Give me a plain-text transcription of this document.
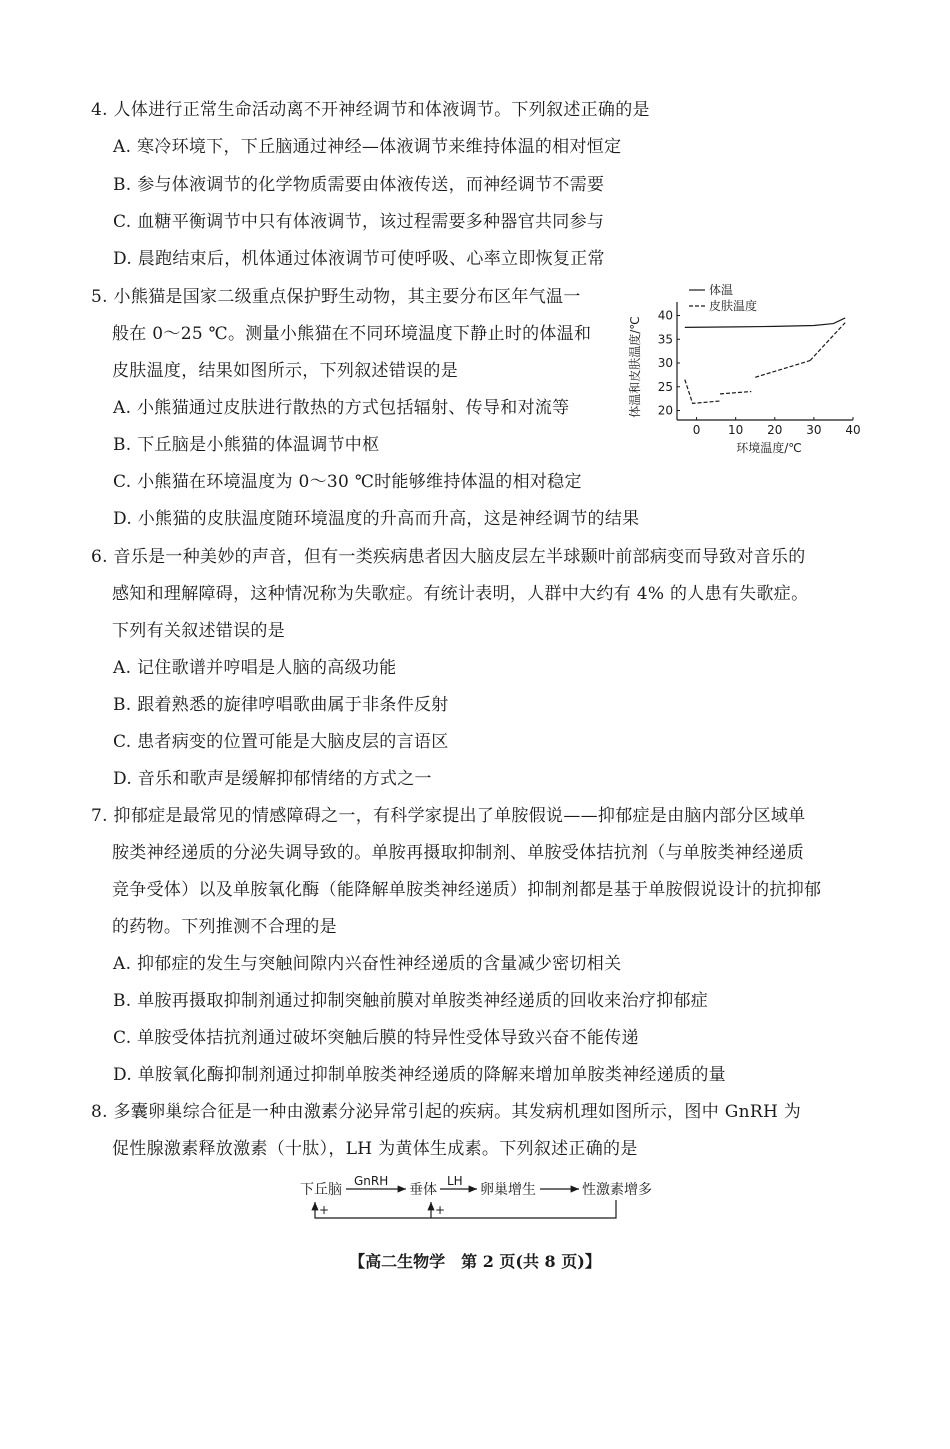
4. 人体进行正常生命活动离不开神经调节和体液调节。下列叙述正确的是
A. 寒冷环境下，下丘脑通过神经—体液调节来维持体温的相对恒定
B. 参与体液调节的化学物质需要由体液传送，而神经调节不需要
C. 血糖平衡调节中只有体液调节，该过程需要多种器官共同参与
D. 晨跑结束后，机体通过体液调节可使呼吸、心率立即恢复正常
5. 小熊猫是国家二级重点保护野生动物，其主要分布区年气温一
般在 0～25 ℃。测量小熊猫在不同环境温度下静止时的体温和
皮肤温度，结果如图所示，下列叙述错误的是
A. 小熊猫通过皮肤进行散热的方式包括辐射、传导和对流等
B. 下丘脑是小熊猫的体温调节中枢
C. 小熊猫在环境温度为 0～30 ℃时能够维持体温的相对稳定
D. 小熊猫的皮肤温度随环境温度的升高而升高，这是神经调节的结果
0 10 20 30 40
20
25
30
35
40
环境温度/℃
体温和皮肤温度/℃
体温
皮肤温度
6. 音乐是一种美妙的声音，但有一类疾病患者因大脑皮层左半球颞叶前部病变而导致对音乐的
感知和理解障碍，这种情况称为失歌症。有统计表明，人群中大约有 4% 的人患有失歌症。
下列有关叙述错误的是
A. 记住歌谱并哼唱是人脑的高级功能
B. 跟着熟悉的旋律哼唱歌曲属于非条件反射
C. 患者病变的位置可能是大脑皮层的言语区
D. 音乐和歌声是缓解抑郁情绪的方式之一
7. 抑郁症是最常见的情感障碍之一，有科学家提出了单胺假说——抑郁症是由脑内部分区域单
胺类神经递质的分泌失调导致的。单胺再摄取抑制剂、单胺受体拮抗剂（与单胺类神经递质
竞争受体）以及单胺氧化酶（能降解单胺类神经递质）抑制剂都是基于单胺假说设计的抗抑郁
的药物。下列推测不合理的是
A. 抑郁症的发生与突触间隙内兴奋性神经递质的含量减少密切相关
B. 单胺再摄取抑制剂通过抑制突触前膜对单胺类神经递质的回收来治疗抑郁症
C. 单胺受体拮抗剂通过破坏突触后膜的特异性受体导致兴奋不能传递
D. 单胺氧化酶抑制剂通过抑制单胺类神经递质的降解来增加单胺类神经递质的量
8. 多囊卵巢综合征是一种由激素分泌异常引起的疾病。其发病机理如图所示，图中 GnRH 为
促性腺激素释放激素（十肽），LH 为黄体生成素。下列叙述正确的是
下丘脑	垂体	卵巢增生	性激素增多
GnRH	LH
+	+
【高二生物学　第 2 页(共 8 页)】
